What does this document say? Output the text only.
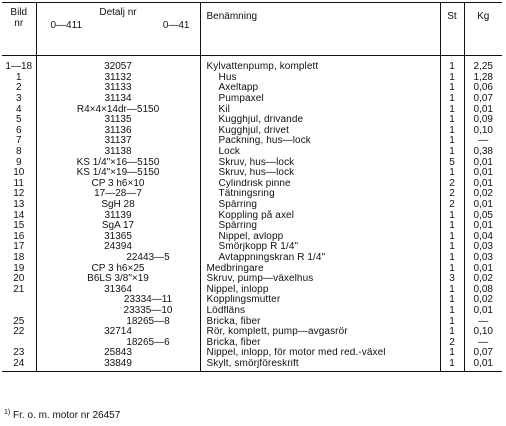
Bild
nr	Detalj nr
0—411 0—41	Benämning	St	Kg
1—18	32057	Kylvattenpump, komplett	1	2,25
1	31132	Hus	1	1,28
2	31133	Axeltapp	1	0,06
3	31134	Pumpaxel	1	0,07
4	R4×4×14dr—5150	Kil	1	0,01
5	31135	Kugghjul, drivande	1	0,09
6	31136	Kugghjul, drivet	1	0,10
7	31137	Packning, hus—lock	1	—
8	31138	Lock	1	0,38
9	KS 1/4"×16—5150	Skruv, hus—lock	5	0,01
10	KS 1/4"×19—5150	Skruv, hus—lock	1	0,01
11	CP 3 h6×10	Cylindrisk pinne	2	0,01
12	17—28—7	Tätningsring	2	0,02
13	SgH 28	Spårring	2	0,01
14	31139	Koppling på axel	1	0,05
15	SgA 17	Spårring	1	0,01
16	31365	Nippel, avlopp	1	0,04
17	24394	Smörjkopp R 1/4"	1	0,03
18	22443—5	Avtappningskran R 1/4"	1	0,03
19	CP 3 h6×25	Medbringare	1	0,01
20	B6LS 3/8"×19	Skruv, pump—växelhus	3	0,02
21	31364	Nippel, inlopp	1	0,08

	23334—11	Kopplingsmutter	1	0,02

	23335—10	Lödfläns	1	0,01
25	18265—8	Bricka, fiber	1	—
22	32714	Rör, komplett, pump—avgasrör	1	0,10

	18265—6	Bricka, fiber	2	—
23	25843	Nippel, inlopp, för motor med red.-växel	1	0,07
24	33849	Skylt, smörjföreskrift	1	0,01
$^{1)}$ Fr. o. m. motor nr 26457
